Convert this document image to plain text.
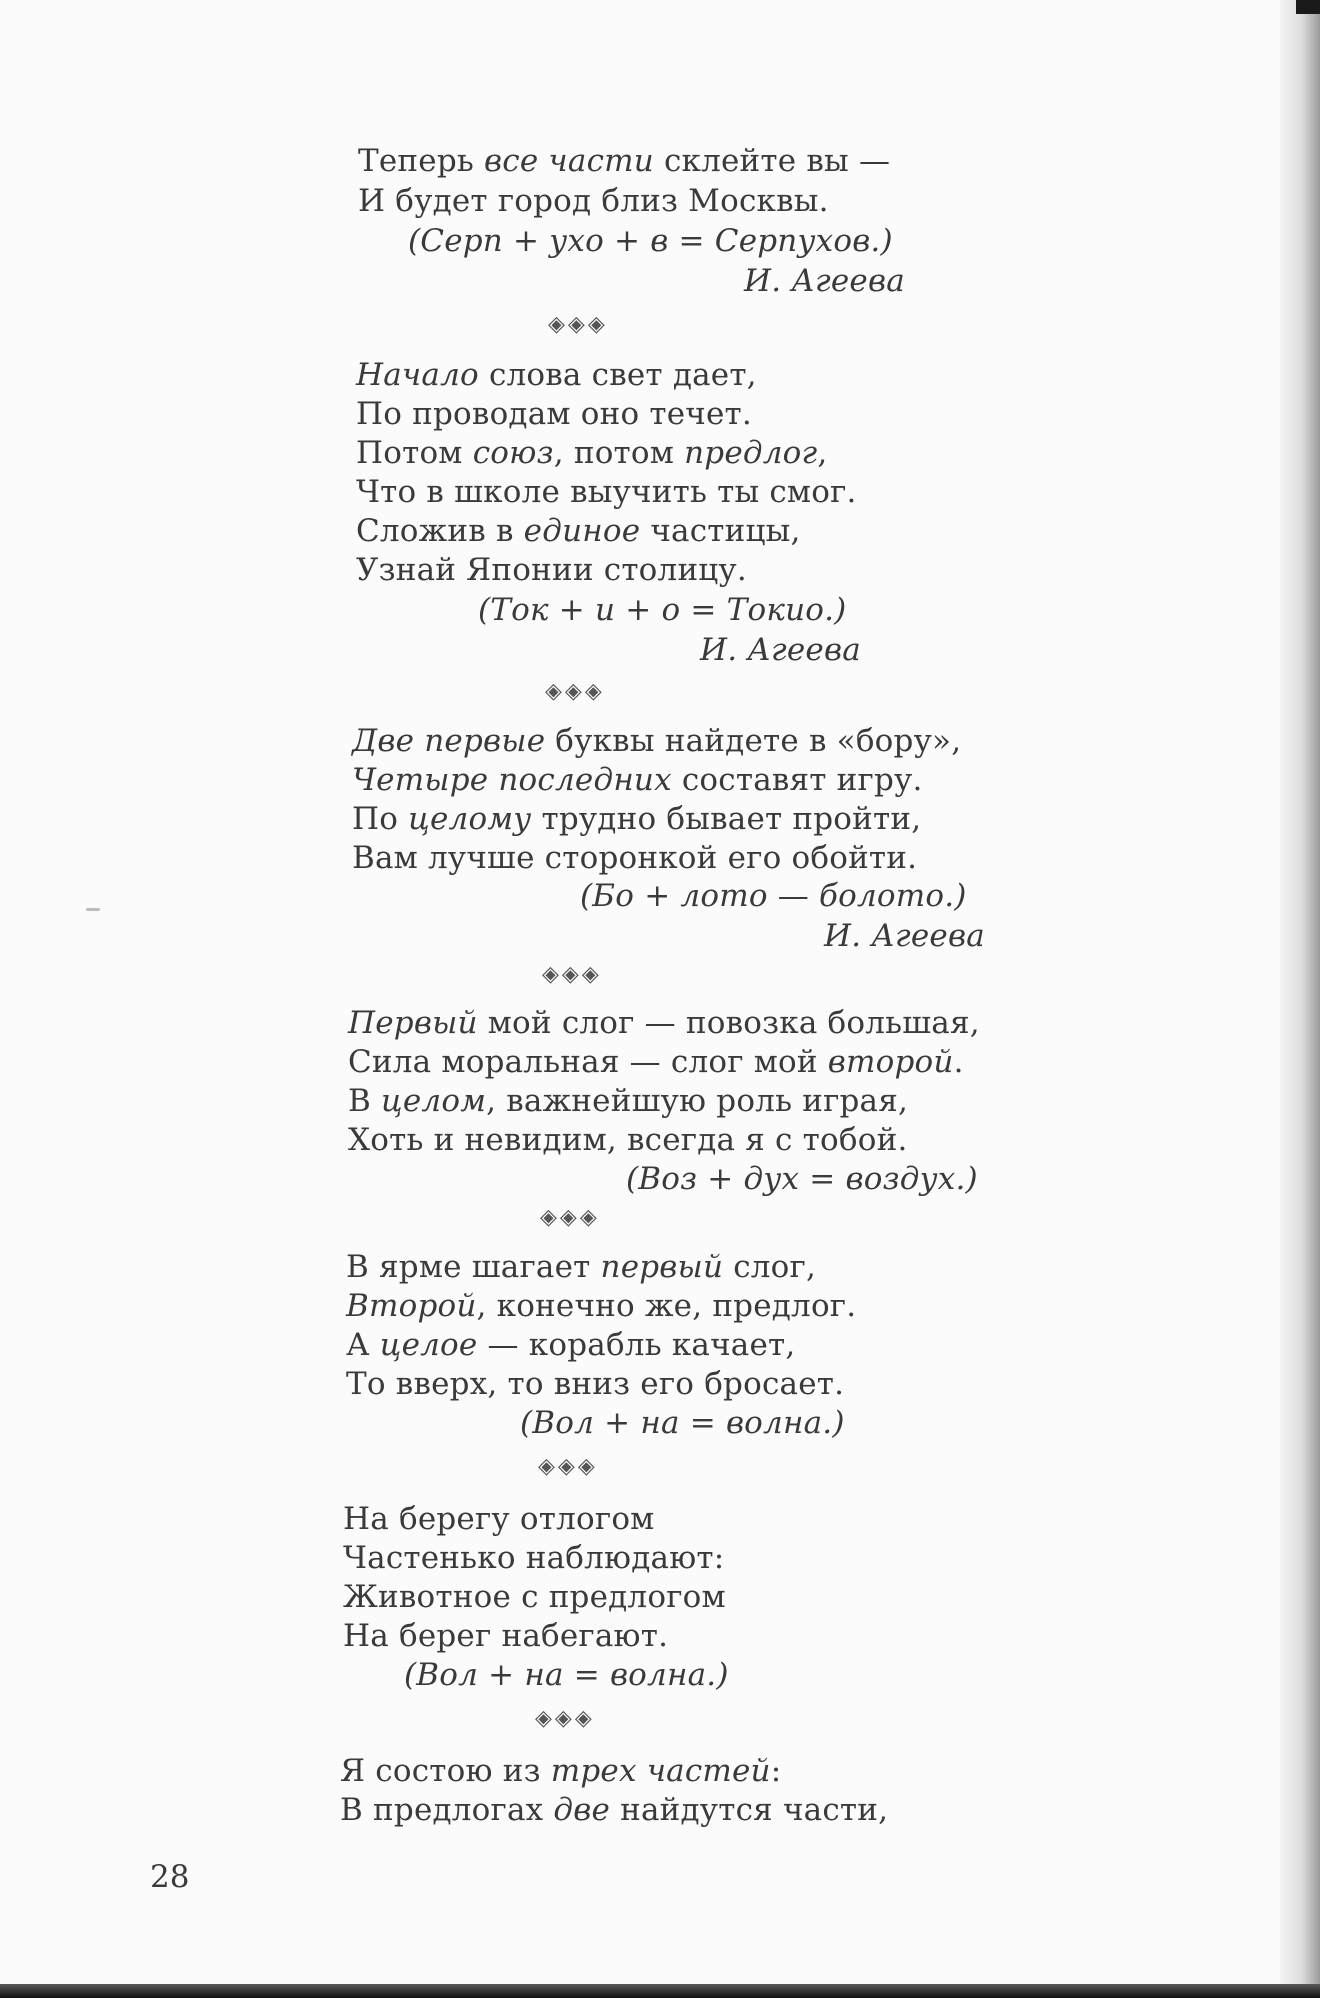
Теперь все части склейте вы —
И будет город близ Москвы.
(Серп + ухо + в = Серпухов.)
И. Агеева
◈◈◈
Начало слова свет дает,
По проводам оно течет.
Потом союз, потом предлог,
Что в школе выучить ты смог.
Сложив в единое частицы,
Узнай Японии столицу.
(Ток + и + о = Токио.)
И. Агеева
◈◈◈
Две первые буквы найдете в «бору»,
Четыре последних составят игру.
По целому трудно бывает пройти,
Вам лучше сторонкой его обойти.
(Бо + лото — болото.)
И. Агеева
◈◈◈
Первый мой слог — повозка большая,
Сила моральная — слог мой второй.
В целом, важнейшую роль играя,
Хоть и невидим, всегда я с тобой.
(Воз + дух = воздух.)
◈◈◈
В ярме шагает первый слог,
Второй, конечно же, предлог.
А целое — корабль качает,
То вверх, то вниз его бросает.
(Вол + на = волна.)
◈◈◈
На берегу отлогом
Частенько наблюдают:
Животное с предлогом
На берег набегают.
(Вол + на = волна.)
◈◈◈
Я состою из трех частей:
В предлогах две найдутся части,
28
